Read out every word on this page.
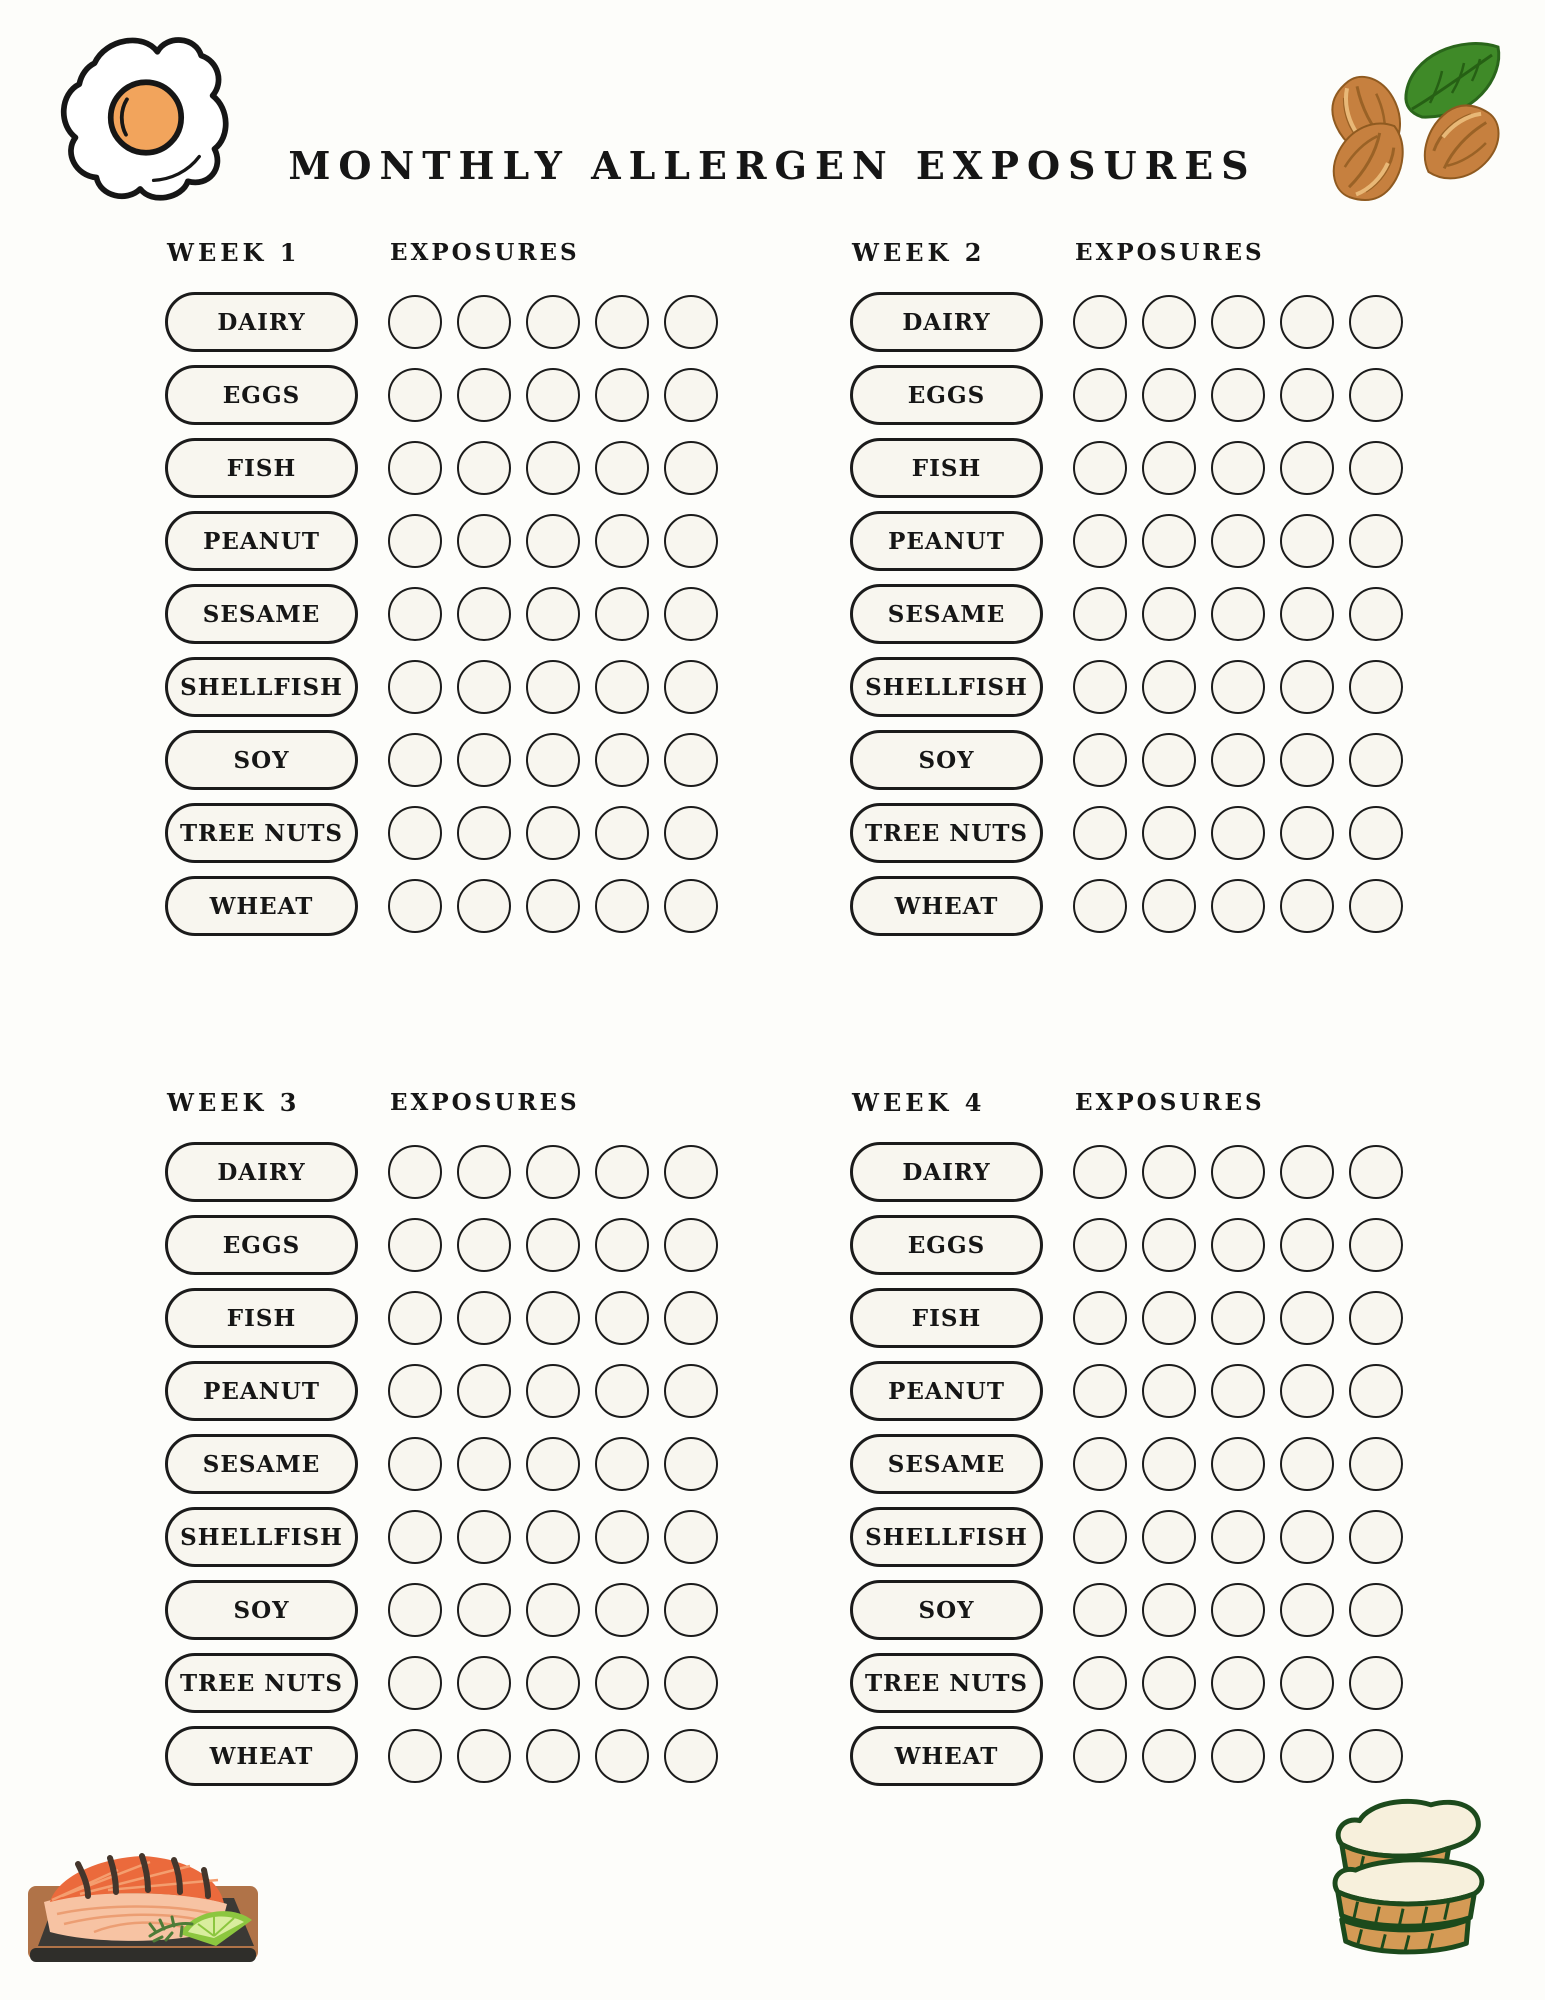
MONTHLY ALLERGEN EXPOSURES
WEEK 1	EXPOSURES
DAIRY
EGGS
FISH
PEANUT
SESAME
SHELLFISH
SOY
TREE NUTS
WHEAT
WEEK 2	EXPOSURES
DAIRY
EGGS
FISH
PEANUT
SESAME
SHELLFISH
SOY
TREE NUTS
WHEAT
WEEK 3	EXPOSURES
DAIRY
EGGS
FISH
PEANUT
SESAME
SHELLFISH
SOY
TREE NUTS
WHEAT
WEEK 4	EXPOSURES
DAIRY
EGGS
FISH
PEANUT
SESAME
SHELLFISH
SOY
TREE NUTS
WHEAT
